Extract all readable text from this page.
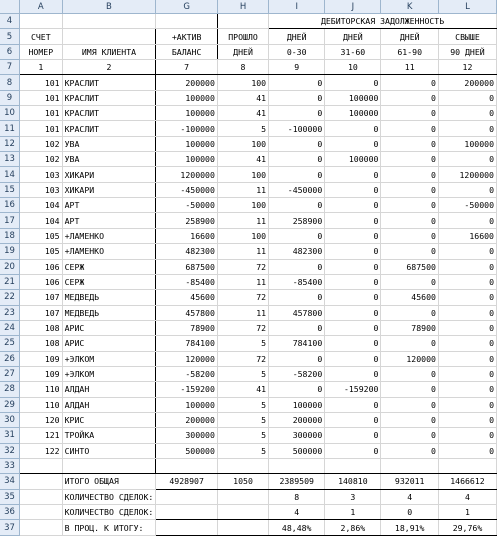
	A	B	G	H	I	J	K	L
4					ДЕБИТОРСКАЯ ЗАДОЛЖЕННОСТЬ			
5	СЧЕТ		+АКТИВ	ПРОШЛО	ДНЕЙ	ДНЕЙ	ДНЕЙ	СВЫШЕ
6	НОМЕР	ИМЯ КЛИЕНТА	БАЛАНС	ДНЕЙ	0-30	31-60	61-90	90 ДНЕЙ
7	1	2	7	8	9	10	11	12
8	101	КРАСЛИТ	200000	100	0	0	0	200000
9	101	КРАСЛИТ	100000	41	0	100000	0	0
10	101	КРАСЛИТ	100000	41	0	100000	0	0
11	101	КРАСЛИТ	-100000	5	-100000	0	0	0
12	102	УВА	100000	100	0	0	0	100000
13	102	УВА	100000	41	0	100000	0	0
14	103	ХИКАРИ	1200000	100	0	0	0	1200000
15	103	ХИКАРИ	-450000	11	-450000	0	0	0
16	104	АРТ	-50000	100	0	0	0	-50000
17	104	АРТ	258900	11	258900	0	0	0
18	105	+ЛАМЕНКО	16600	100	0	0	0	16600
19	105	+ЛАМЕНКО	482300	11	482300	0	0	0
20	106	СЕРЖ	687500	72	0	0	687500	0
21	106	СЕРЖ	-85400	11	-85400	0	0	0
22	107	МЕДВЕДЬ	45600	72	0	0	45600	0
23	107	МЕДВЕДЬ	457800	11	457800	0	0	0
24	108	АРИС	78900	72	0	0	78900	0
25	108	АРИС	784100	5	784100	0	0	0
26	109	+ЭЛКОМ	120000	72	0	0	120000	0
27	109	+ЭЛКОМ	-58200	5	-58200	0	0	0
28	110	АЛДАН	-159200	41	0	-159200	0	0
29	110	АЛДАН	100000	5	100000	0	0	0
30	120	КРИС	200000	5	200000	0	0	0
31	121	ТРОЙКА	300000	5	300000	0	0	0
32	122	СИНТО	500000	5	500000	0	0	0
33								
34		ИТОГО ОБЩАЯ	4928907	1050	2389509	140810	932011	1466612
35		КОЛИЧЕСТВО СДЕЛОК:			8	3	4	4
36		КОЛИЧЕСТВО СДЕЛОК:			4	1	0	1
37		В ПРОЦ. К ИТОГУ:			48,48%	2,86%	18,91%	29,76%
